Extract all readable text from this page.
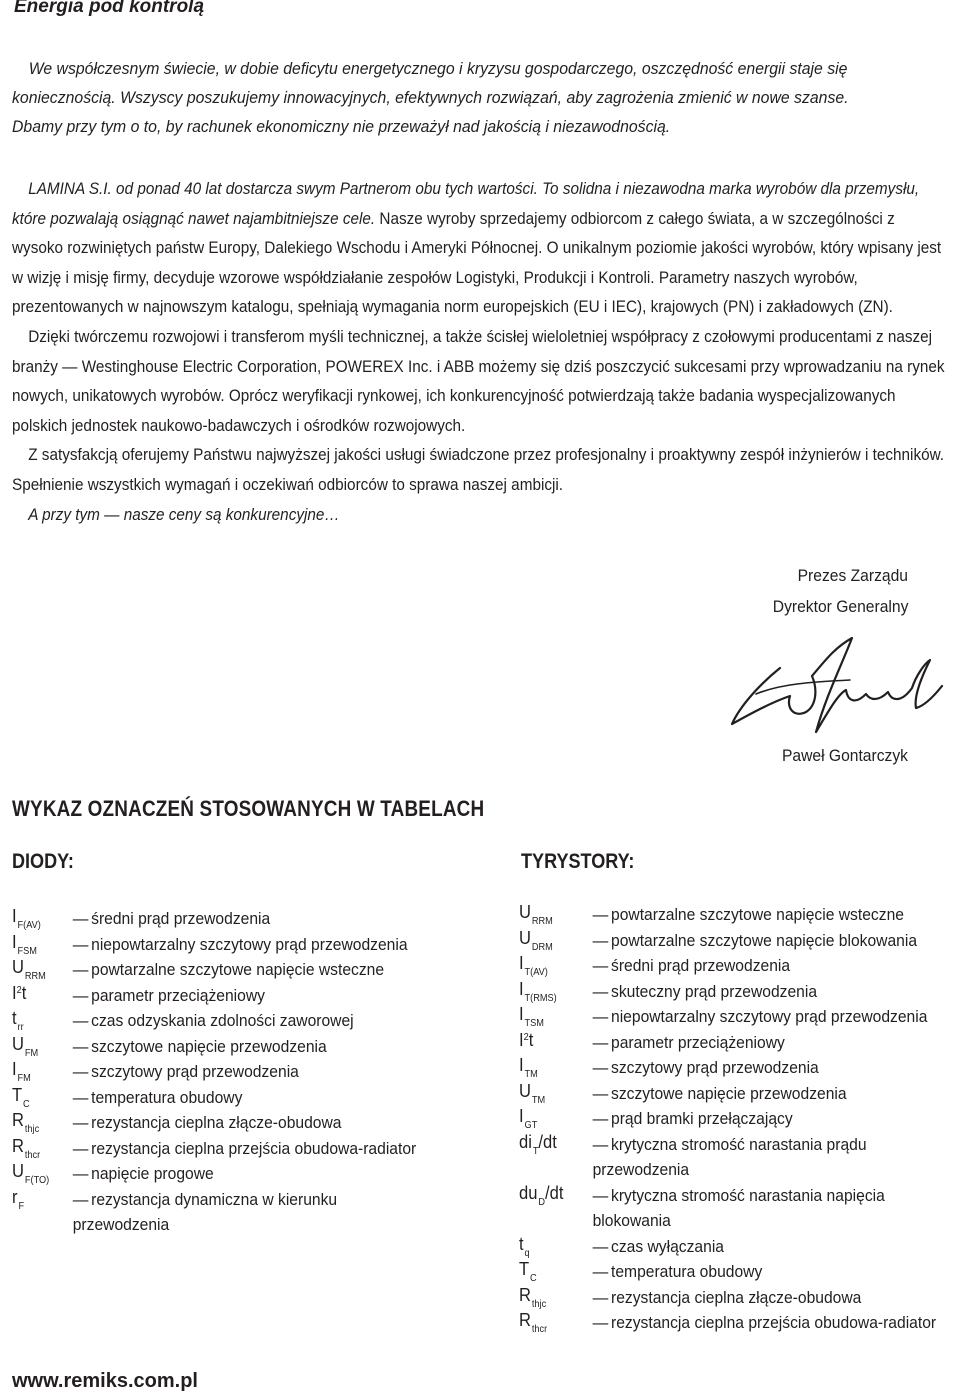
Energia pod kontrolą

We współczesnym świecie, w dobie deficytu energetycznego i kryzysu gospodarczego, oszczędność energii staje się koniecznością. Wszyscy poszukujemy innowacyjnych, efektywnych rozwiązań, aby zagrożenia zmienić w nowe szanse.

Dbamy przy tym o to, by rachunek ekonomiczny nie przeważył nad jakością i niezawodnością.

LAMINA S.I. od ponad 40 lat dostarcza swym Partnerom obu tych wartości. To solidna i niezawodna marka wyrobów dla przemysłu, które pozwalają osiągnąć nawet najambitniejsze cele. Nasze wyroby sprzedajemy odbiorcom z całego świata, a w szczególności z wysoko rozwiniętych państw Europy, Dalekiego Wschodu i Ameryki Północnej. O unikalnym poziomie jakości wyrobów, który wpisany jest w wizję i misję firmy, decyduje wzorowe współdziałanie zespołów Logistyki, Produkcji i Kontroli. Parametry naszych wyrobów, prezentowanych w najnowszym katalogu, spełniają wymagania norm europejskich (EU i IEC), krajowych (PN) i zakładowych (ZN).

Dzięki twórczemu rozwojowi i transferom myśli technicznej, a także ścisłej wieloletniej współpracy z czołowymi producentami z naszej branży ― Westinghouse Electric Corporation, POWEREX Inc. i ABB możemy się dziś poszczycić sukcesami przy wprowadzaniu na rynek nowych, unikatowych wyrobów. Oprócz weryfikacji rynkowej, ich konkurencyjność potwierdzają także badania wyspecjalizowanych polskich jednostek naukowo-badawczych i ośrodków rozwojowych.

Z satysfakcją oferujemy Państwu najwyższej jakości usługi świadczone przez profesjonalny i proaktywny zespół inżynierów i techników. Spełnienie wszystkich wymagań i oczekiwań odbiorców to sprawa naszej ambicji.

A przy tym ― nasze ceny są konkurencyjne…

Prezes Zarządu
Dyrektor Generalny
Paweł Gontarczyk
WYKAZ OZNACZEŃ STOSOWANYCH W TABELACH
DIODY:	TYRYSTORY:
$I_{F(AV)}$ ― średni prąd przewodzenia
$I_{FSM}$ ― niepowtarzalny szczytowy prąd przewodzenia
$U_{RRM}$ ― powtarzalne szczytowe napięcie wsteczne
$I^2t$	― parametr przeciążeniowy
$t_{rr}$	― czas odzyskania zdolności zaworowej
$U_{FM}$ ― szczytowe napięcie przewodzenia
$I_{FM}$ ― szczytowy prąd przewodzenia
$T_C$	― temperatura obudowy
$R_{thjc}$ ― rezystancja cieplna złącze-obudowa
$R_{thcr}$ ― rezystancja cieplna przejścia obudowa-radiator
$U_{F(TO)}$ ― napięcie progowe
$r_F$	― rezystancja dynamiczna w kierunku
przewodzenia
$U_{RRM}$ ― powtarzalne szczytowe napięcie wsteczne
$U_{DRM}$ ― powtarzalne szczytowe napięcie blokowania
$I_{T(AV)}$	― średni prąd przewodzenia
$I_{T(RMS)}$ ― skuteczny prąd przewodzenia
$I_{TSM}$	― niepowtarzalny szczytowy prąd przewodzenia
$I^2t$	― parametr przeciążeniowy
$I_{TM}$	― szczytowy prąd przewodzenia
$U_{TM}$	― szczytowe napięcie przewodzenia
$I_{GT}$	― prąd bramki przełączający
$di_T/dt$ ― krytyczna stromość narastania prądu
przewodzenia
$du_D/dt$ ― krytyczna stromość narastania napięcia
blokowania
$t_q$	― czas wyłączania
$T_C$	― temperatura obudowy
$R_{thjc}$	― rezystancja cieplna złącze-obudowa
$R_{thcr}$	― rezystancja cieplna przejścia obudowa-radiator
www.remiks.com.pl
